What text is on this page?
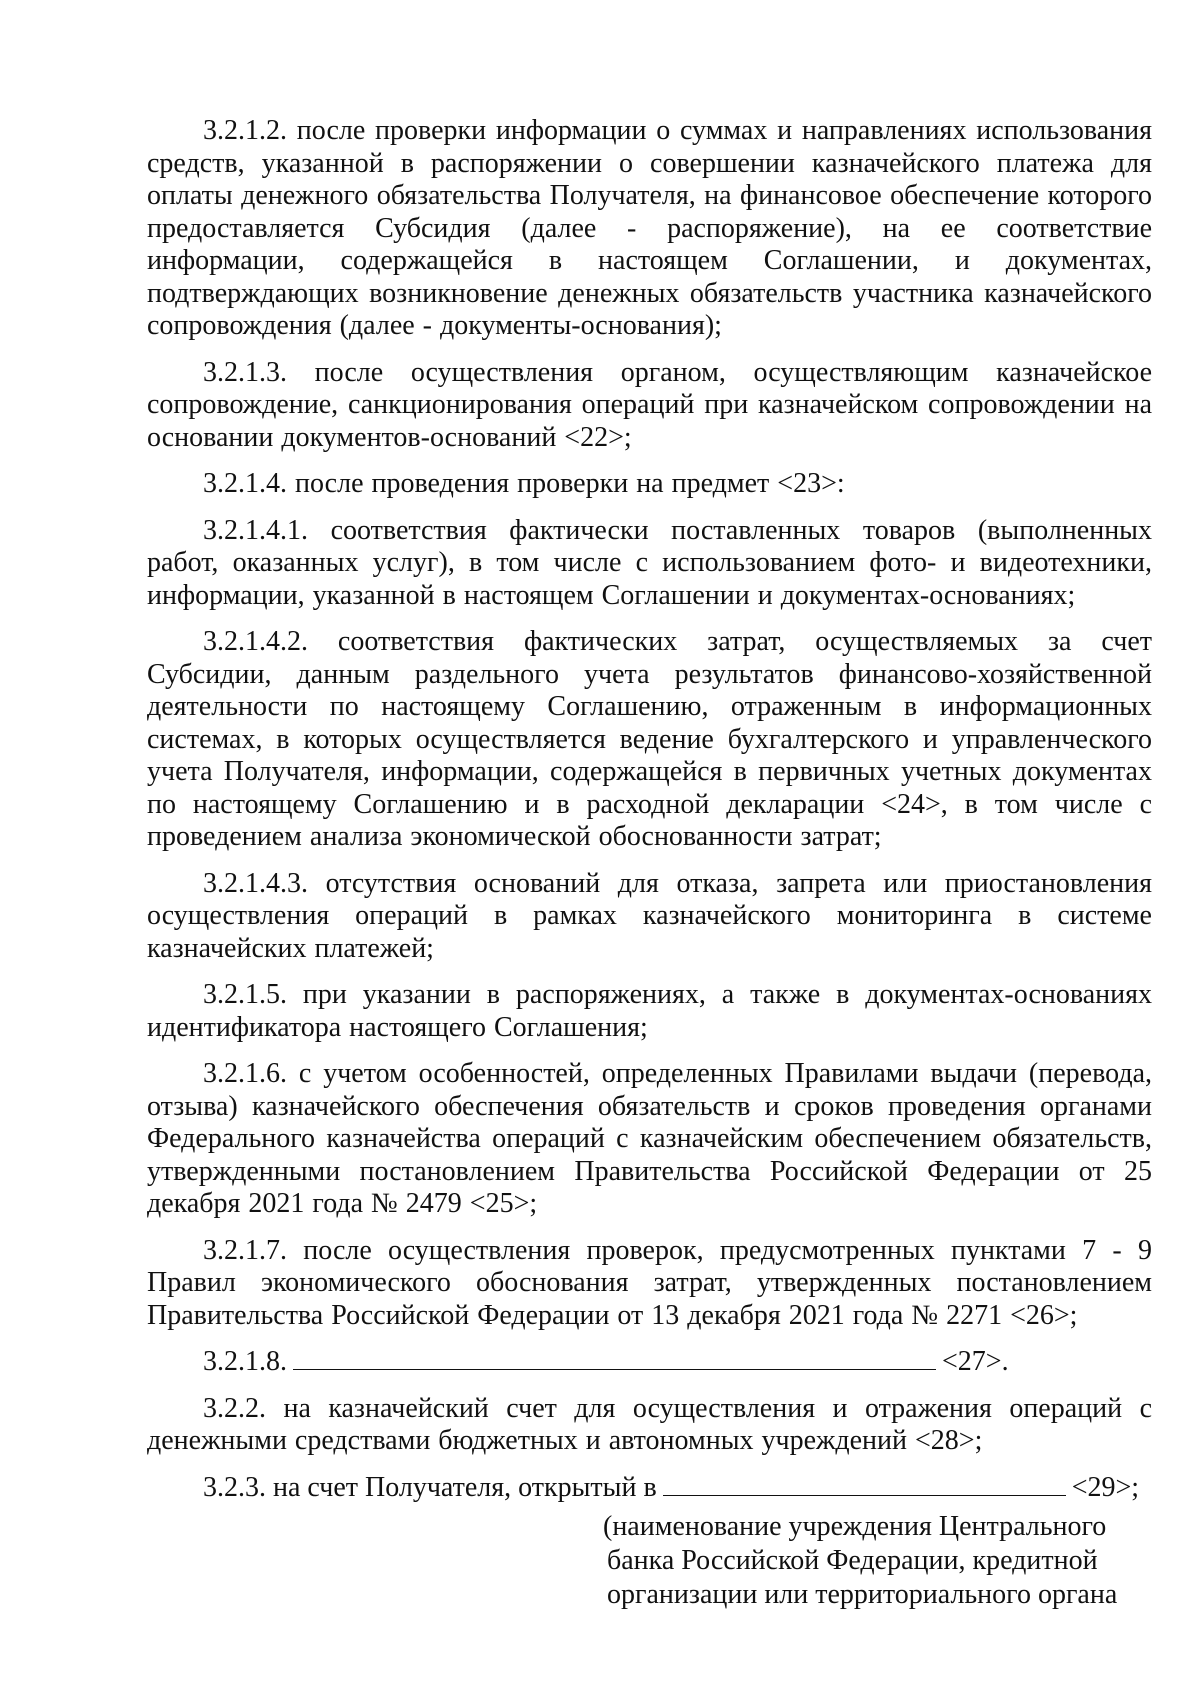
3.2.1.2. после проверки информации о суммах и направлениях использования средств, указанной в распоряжении о совершении казначейского платежа для оплаты денежного обязательства Получателя, на финансовое обеспечение которого предоставляется Субсидия (далее - распоряжение), на ее соответствие информации, содержащейся в настоящем Соглашении, и документах, подтверждающих возникновение денежных обязательств участника казначейского сопровождения (далее - документы-основания);

3.2.1.3. после осуществления органом, осуществляющим казначейское сопровождение, санкционирования операций при казначейском сопровождении на основании документов-оснований <22>;

3.2.1.4. после проведения проверки на предмет <23>:

3.2.1.4.1. соответствия фактически поставленных товаров (выполненных работ, оказанных услуг), в том числе с использованием фото- и видеотехники, информации, указанной в настоящем Соглашении и документах-основаниях;

3.2.1.4.2. соответствия фактических затрат, осуществляемых за счет Субсидии, данным раздельного учета результатов финансово-хозяйственной деятельности по настоящему Соглашению, отраженным в информационных системах, в которых осуществляется ведение бухгалтерского и управленческого учета Получателя, информации, содержащейся в первичных учетных документах по настоящему Соглашению и в расходной декларации <24>, в том числе с проведением анализа экономической обоснованности затрат;

3.2.1.4.3. отсутствия оснований для отказа, запрета или приостановления осуществления операций в рамках казначейского мониторинга в системе казначейских платежей;

3.2.1.5. при указании в распоряжениях, а также в документах-основаниях идентификатора настоящего Соглашения;

3.2.1.6. с учетом особенностей, определенных Правилами выдачи (перевода, отзыва) казначейского обеспечения обязательств и сроков проведения органами Федерального казначейства операций с казначейским обеспечением обязательств, утвержденными постановлением Правительства Российской Федерации от 25 декабря 2021 года № 2479 <25>;

3.2.1.7. после осуществления проверок, предусмотренных пунктами 7 - 9 Правил экономического обоснования затрат, утвержденных постановлением Правительства Российской Федерации от 13 декабря 2021 года № 2271 <26>;

3.2.1.8.	<27>.

3.2.2. на казначейский счет для осуществления и отражения операций с денежными средствами бюджетных и автономных учреждений <28>;

3.2.3. на счет Получателя, открытый в	<29>;
(наименование учреждения Центрального
банка Российской Федерации, кредитной
организации или территориального органа
